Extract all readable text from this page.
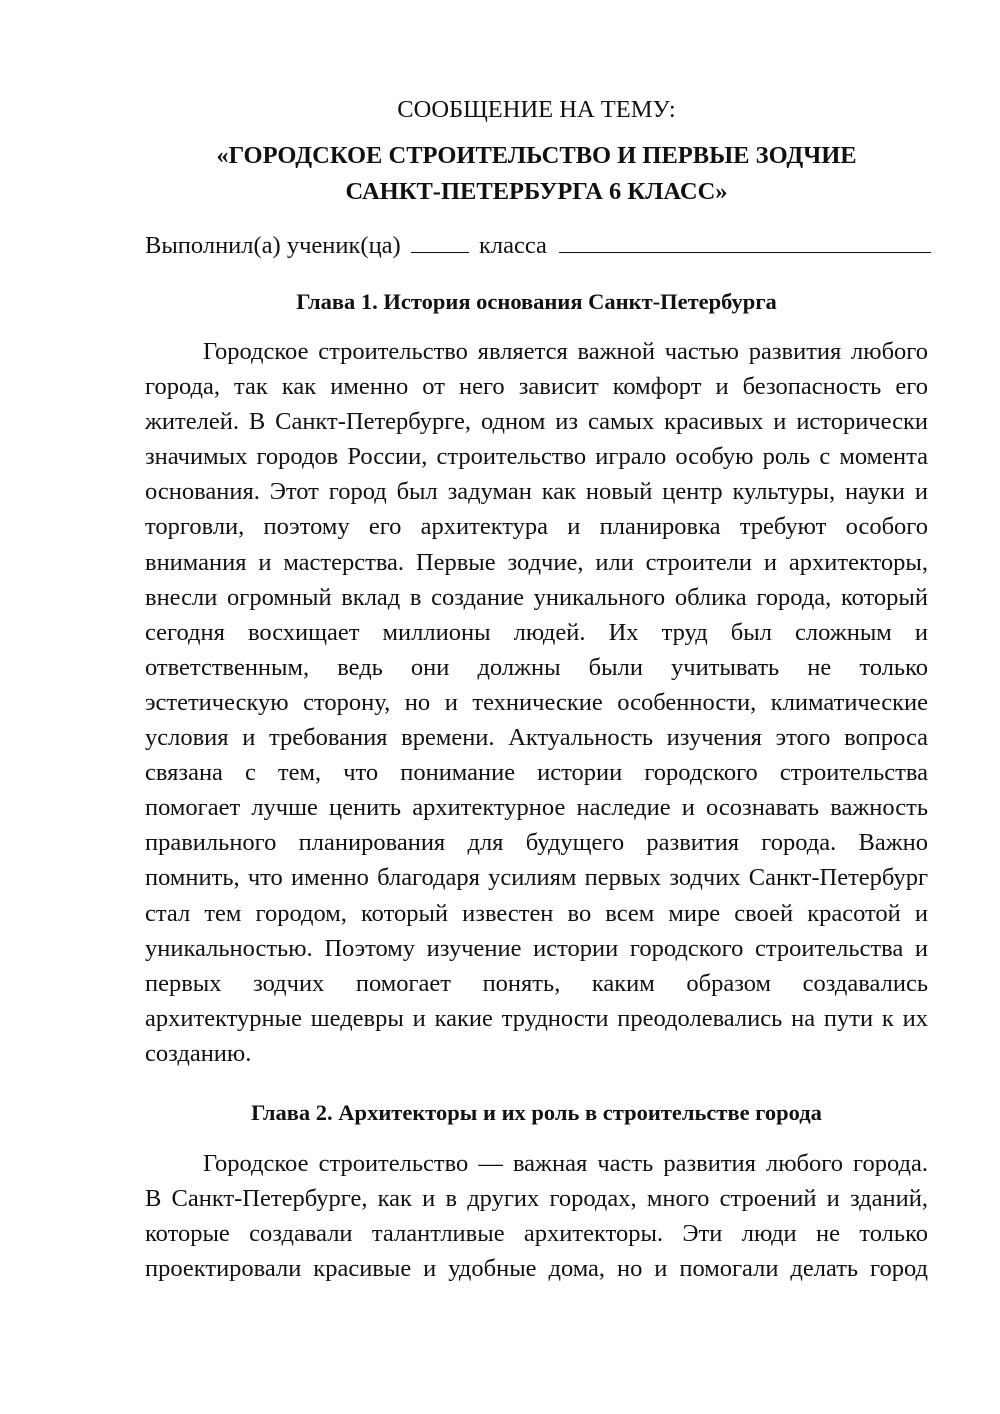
СООБЩЕНИЕ НА ТЕМУ:

«ГОРОДСКОЕ СТРОИТЕЛЬСТВО И ПЕРВЫЕ ЗОДЧИЕ

САНКТ-ПЕТЕРБУРГА 6 КЛАСС»

Выполнил(а) ученик(ца)	класса
Глава 1. История основания Санкт-Петербурга
Городское строительство является важной частью развития любого
города, так как именно от него зависит комфорт и безопасность его
жителей. В Санкт-Петербурге, одном из самых красивых и исторически
значимых городов России, строительство играло особую роль с момента
основания. Этот город был задуман как новый центр культуры, науки и
торговли, поэтому его архитектура и планировка требуют особого
внимания и мастерства. Первые зодчие, или строители и архитекторы,
внесли огромный вклад в создание уникального облика города, который
сегодня восхищает миллионы людей. Их труд был сложным и
ответственным, ведь они должны были учитывать не только
эстетическую сторону, но и технические особенности, климатические
условия и требования времени. Актуальность изучения этого вопроса
связана с тем, что понимание истории городского строительства
помогает лучше ценить архитектурное наследие и осознавать важность
правильного планирования для будущего развития города. Важно
помнить, что именно благодаря усилиям первых зодчих Санкт-Петербург
стал тем городом, который известен во всем мире своей красотой и
уникальностью. Поэтому изучение истории городского строительства и
первых зодчих помогает понять, каким образом создавались
архитектурные шедевры и какие трудности преодолевались на пути к их
созданию.
Глава 2. Архитекторы и их роль в строительстве города
Городское строительство — важная часть развития любого города.
В Санкт-Петербурге, как и в других городах, много строений и зданий,
которые создавали талантливые архитекторы. Эти люди не только
проектировали красивые и удобные дома, но и помогали делать город
